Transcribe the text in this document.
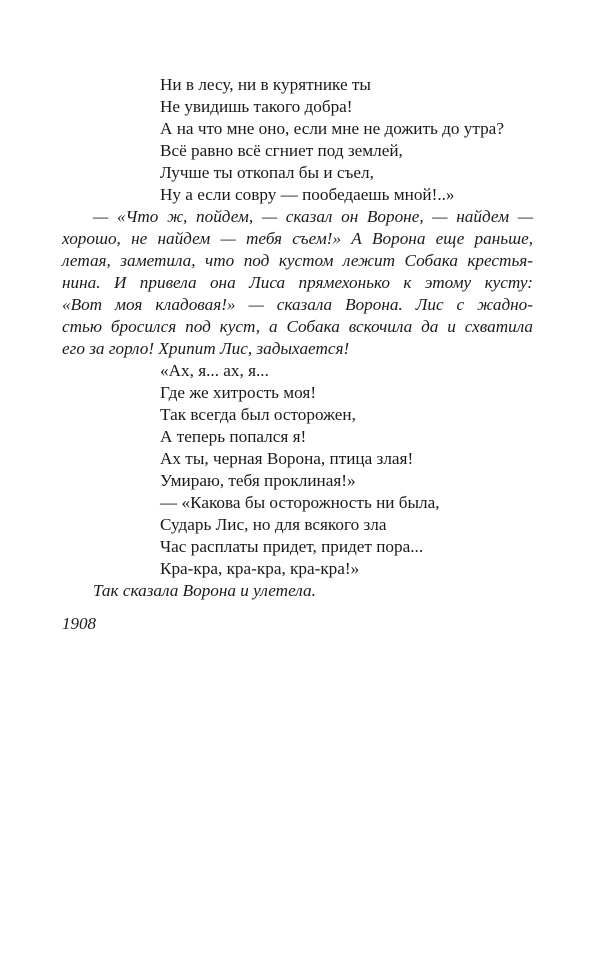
Ни в лесу, ни в курятнике ты
Не увидишь такого добра!
А на что мне оно, если мне не дожить до утра?
Всё равно всё сгниет под землей,
Лучше ты откопал бы и съел,
Ну а если совру — пообедаешь мной!..»
— «Что ж, пойдем, — сказал он Вороне, — найдем —
хорошо, не найдем — тебя съем!» А Ворона еще раньше,
летая, заметила, что под кустом лежит Собака крестья-
нина. И привела она Лиса прямехонько к этому кусту:
«Вот моя кладовая!» — сказала Ворона. Лис с жадно-
стью бросился под куст, а Собака вскочила да и схватила
его за горло! Хрипит Лис, задыхается!
«Ах, я... ах, я...
Где же хитрость моя!
Так всегда был осторожен,
А теперь попался я!
Ах ты, черная Ворона, птица злая!
Умираю, тебя проклиная!»
— «Какова бы осторожность ни была,
Сударь Лис, но для всякого зла
Час расплаты придет, придет пора...
Кра-кра, кра-кра, кра-кра!»
Так сказала Ворона и улетела.
1908
